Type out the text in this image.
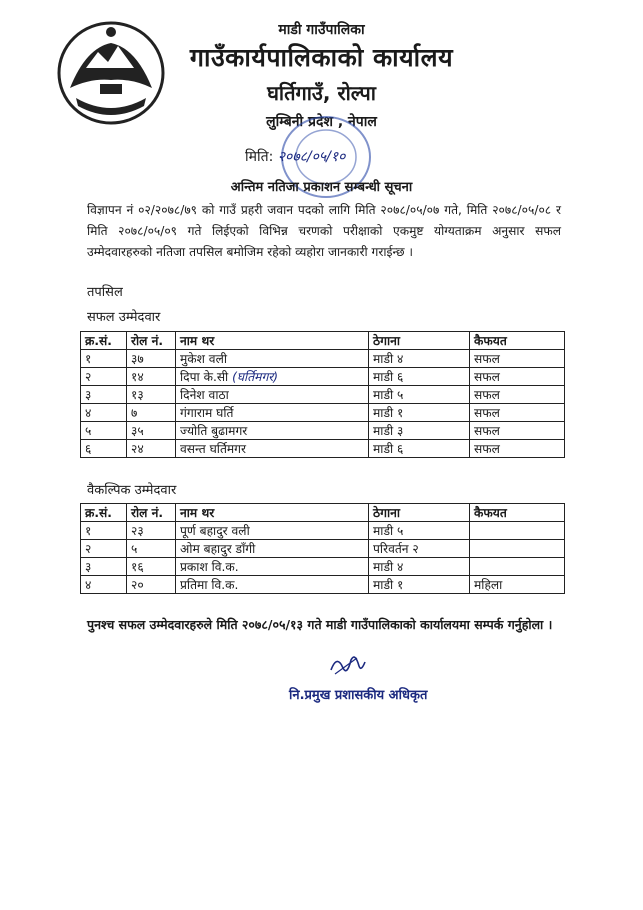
माडी गाउँपालिका
गाउँकार्यपालिकाको कार्यालय
घर्तिगाउँ, रोल्पा
लुम्बिनी प्रदेश , नेपाल
मिति: २०७८/०५/१०
अन्तिम नतिजा प्रकाशन सम्बन्धी सूचना
विज्ञापन नं ०२/२०७८/७९ को गाउँ प्रहरी जवान पदको लागि मिति २०७८/०५/०७ गते, मिति २०७८/०५/०८ र मिति २०७८/०५/०९ गते लिईएको विभिन्न चरणको परीक्षाको एकमुष्ट योग्यताक्रम अनुसार सफल उम्मेदवारहरुको नतिजा तपसिल बमोजिम रहेको व्यहोरा जानकारी गराईन्छ ।
तपसिल
सफल उम्मेदवार
क्र.सं.	रोल नं.	नाम थर	ठेगाना	कैफयत
१	३७	मुकेश वली	माडी ४	सफल
२	१४	दिपा के.सी (घर्तिमगर)	माडी ६	सफल
३	१३	दिनेश वाठा	माडी ५	सफल
४	७	गंगाराम घर्ति	माडी १	सफल
५	३५	ज्योति बुढामगर	माडी ३	सफल
६	२४	वसन्त घर्तिमगर	माडी ६	सफल
वैकल्पिक उम्मेदवार
क्र.सं.	रोल नं.	नाम थर	ठेगाना	कैफयत
१	२३	पूर्ण बहादुर वली	माडी ५	
२	५	ओम बहादुर डाँगी	परिवर्तन २	
३	१६	प्रकाश वि.क.	माडी ४	
४	२०	प्रतिमा वि.क.	माडी १	महिला
पुनश्च सफल उम्मेदवारहरुले मिति २०७८/०५/१३ गते माडी गाउँपालिकाको कार्यालयमा सम्पर्क गर्नुहोला ।
नि.प्रमुख प्रशासकीय अधिकृत
